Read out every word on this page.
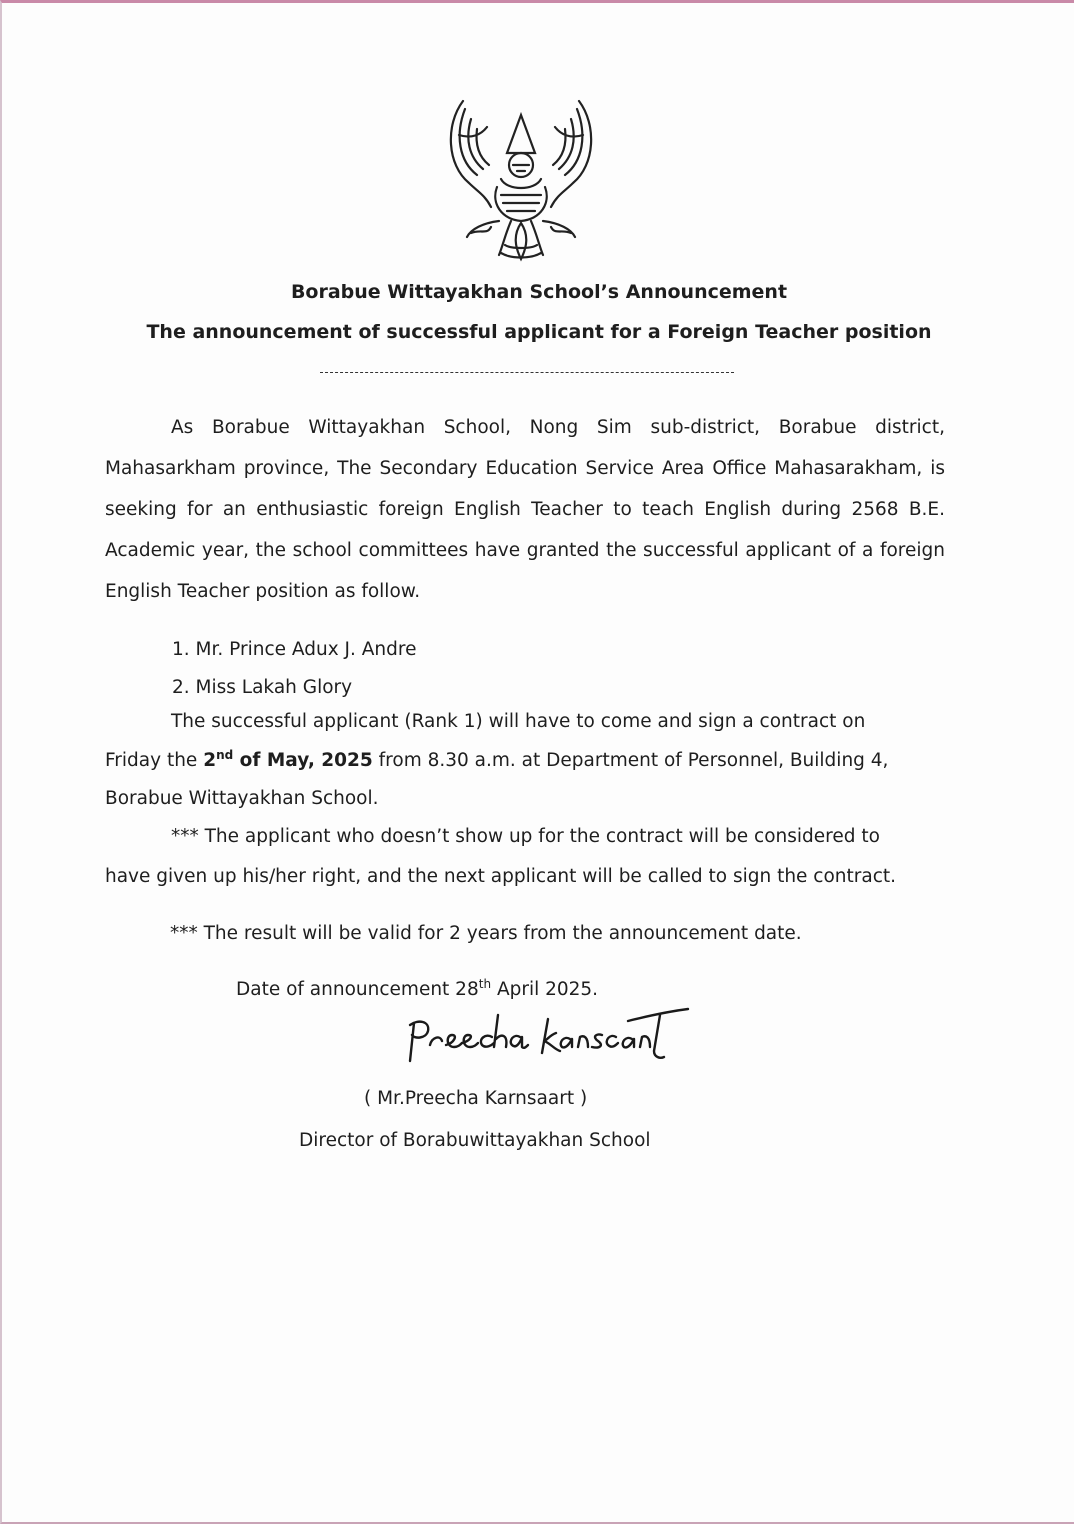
Borabue Wittayakhan School’s Announcement

The announcement of successful applicant for a Foreign Teacher position

As Borabue Wittayakhan School, Nong Sim sub-district, Borabue district, Mahasarkham province, The Secondary Education Service Area Office Mahasarakham, is seeking for an enthusiastic foreign English Teacher to teach English during 2568 B.E. Academic year, the school committees have granted the successful applicant of a foreign English Teacher position as follow.

1. Mr. Prince Adux J. Andre

2. Miss Lakah Glory

The successful applicant (Rank 1) will have to come and sign a contract on Friday the 2nd of May, 2025 from 8.30 a.m. at Department of Personnel, Building 4, Borabue Wittayakhan School.

*** The applicant who doesn’t show up for the contract will be considered to have given up his/her right, and the next applicant will be called to sign the contract.

*** The result will be valid for 2 years from the announcement date.

Date of announcement 28th April 2025.

( Mr.Preecha Karnsaart )

Director of Borabuwittayakhan School
